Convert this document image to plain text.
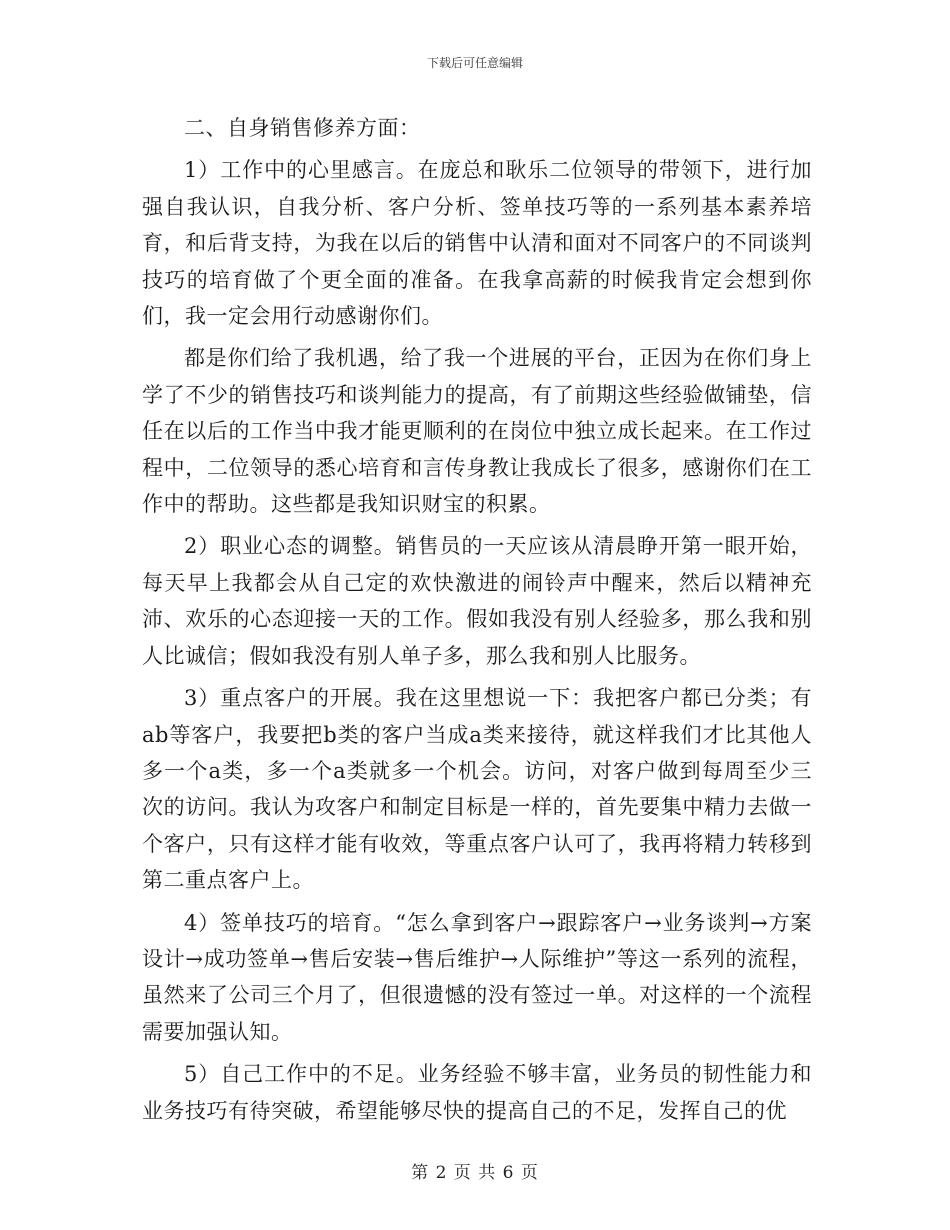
下载后可任意编辑

二、自身销售修养方面：

1）工作中的心里感言。在庞总和耿乐二位领导的带领下，进行加强自我认识，自我分析、客户分析、签单技巧等的一系列基本素养培育，和后背支持，为我在以后的销售中认清和面对不同客户的不同谈判技巧的培育做了个更全面的准备。在我拿高薪的时候我肯定会想到你们，我一定会用行动感谢你们。

都是你们给了我机遇，给了我一个进展的平台，正因为在你们身上学了不少的销售技巧和谈判能力的提高，有了前期这些经验做铺垫，信任在以后的工作当中我才能更顺利的在岗位中独立成长起来。在工作过程中，二位领导的悉心培育和言传身教让我成长了很多，感谢你们在工作中的帮助。这些都是我知识财宝的积累。

2）职业心态的调整。销售员的一天应该从清晨睁开第一眼开始，每天早上我都会从自己定的欢快激进的闹铃声中醒来，然后以精神充沛、欢乐的心态迎接一天的工作。假如我没有别人经验多，那么我和别人比诚信；假如我没有别人单子多，那么我和别人比服务。

3）重点客户的开展。我在这里想说一下：我把客户都已分类；有ab等客户，我要把b类的客户当成a类来接待，就这样我们才比其他人多一个a类，多一个a类就多一个机会。访问，对客户做到每周至少三次的访问。我认为攻客户和制定目标是一样的，首先要集中精力去做一个客户，只有这样才能有收效，等重点客户认可了，我再将精力转移到第二重点客户上。

4）签单技巧的培育。“怎么拿到客户→跟踪客户→业务谈判→方案设计→成功签单→售后安装→售后维护→人际维护”等这一系列的流程，虽然来了公司三个月了，但很遗憾的没有签过一单。对这样的一个流程需要加强认知。

5）自己工作中的不足。业务经验不够丰富，业务员的韧性能力和业务技巧有待突破，希望能够尽快的提高自己的不足，发挥自己的优

第 2 页 共 6 页
